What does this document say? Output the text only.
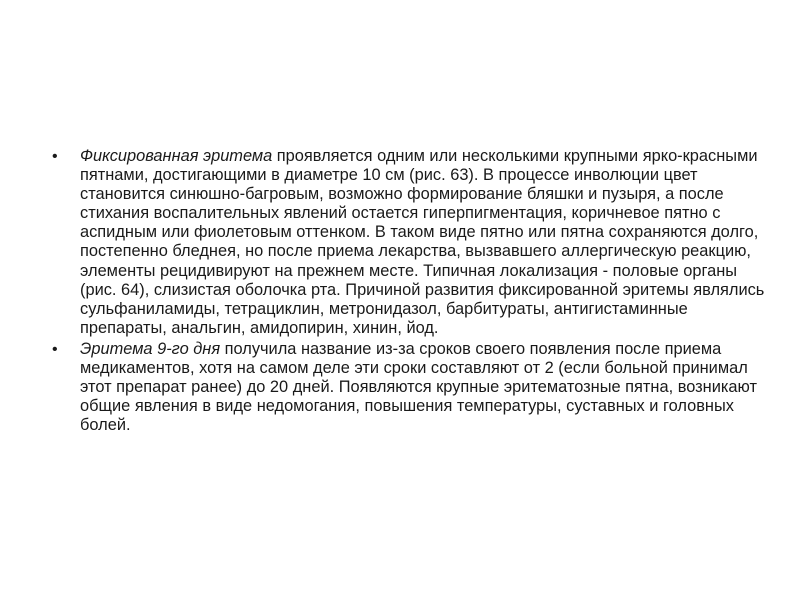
• Фиксированная эритема проявляется одним или несколькими крупными ярко-красными пятнами, достигающими в диаметре 10 см (рис. 63). В процессе инволюции цвет становится синюшно-багровым, возможно формирование бляшки и пузыря, а после стихания воспалительных явлений остается гиперпигментация, коричневое пятно с аспидным или фиолетовым оттенком. В таком виде пятно или пятна сохраняются долго, постепенно бледнея, но после приема лекарства, вызвавшего аллергическую реакцию, элементы рецидивируют на прежнем месте. Типичная локализация - половые органы (рис. 64), слизистая оболочка рта. Причиной развития фиксированной эритемы являлись сульфаниламиды, тетрациклин, метронидазол, барбитураты, антигистаминные препараты, анальгин, амидопирин, хинин, йод.
• Эритема 9-го дня получила название из-за сроков своего появления после приема медикаментов, хотя на самом деле эти сроки составляют от 2 (если больной принимал этот препарат ранее) до 20 дней. Появляются крупные эритематозные пятна, возникают общие явления в виде недомогания, повышения температуры, суставных и головных болей.
